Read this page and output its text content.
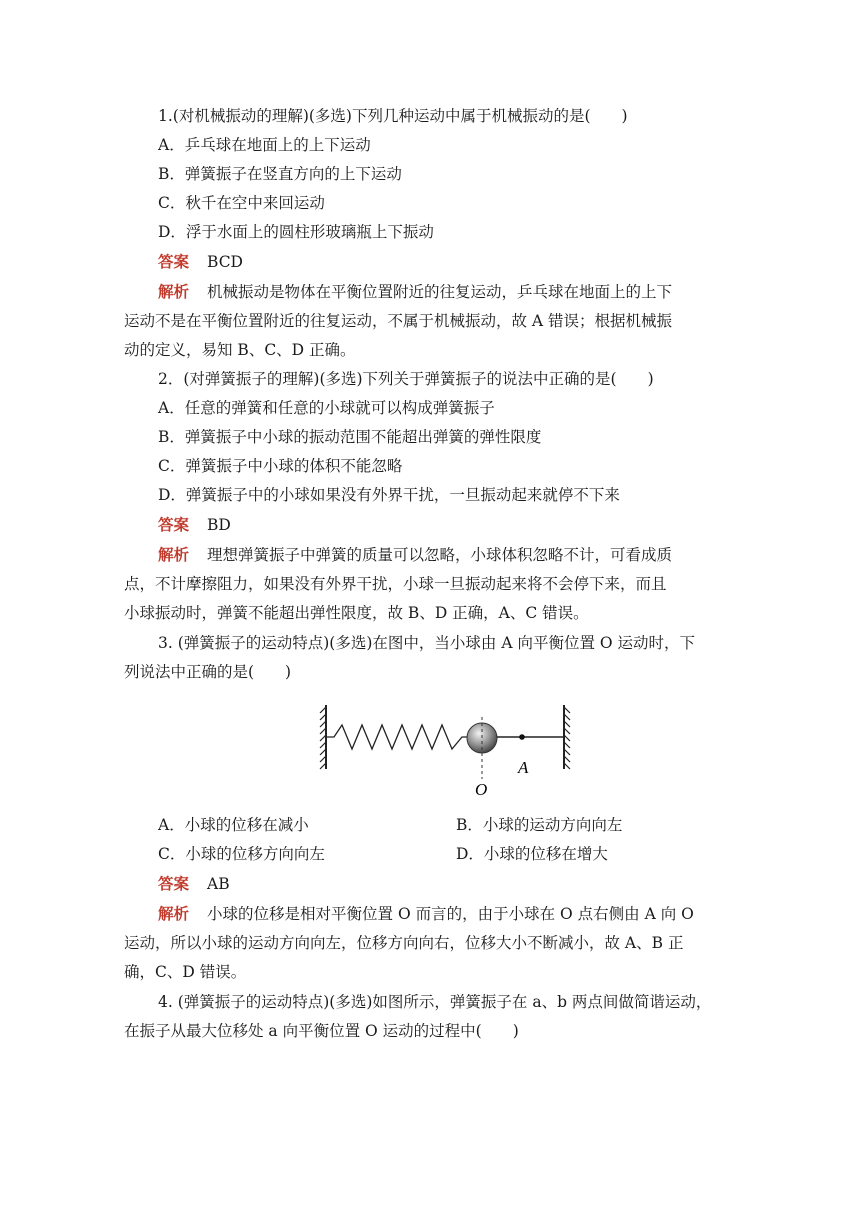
1.(对机械振动的理解)(多选)下列几种运动中属于机械振动的是(　　)
A．乒乓球在地面上的上下运动
B．弹簧振子在竖直方向的上下运动
C．秋千在空中来回运动
D．浮于水面上的圆柱形玻璃瓶上下振动
答案 BCD
解析 机械振动是物体在平衡位置附近的往复运动，乒乓球在地面上的上下
运动不是在平衡位置附近的往复运动，不属于机械振动，故 A 错误；根据机械振
动的定义，易知 B、C、D 正确。
2．(对弹簧振子的理解)(多选)下列关于弹簧振子的说法中正确的是(　　)
A．任意的弹簧和任意的小球就可以构成弹簧振子
B．弹簧振子中小球的振动范围不能超出弹簧的弹性限度
C．弹簧振子中小球的体积不能忽略
D．弹簧振子中的小球如果没有外界干扰，一旦振动起来就停不下来
答案 BD
解析 理想弹簧振子中弹簧的质量可以忽略，小球体积忽略不计，可看成质
点，不计摩擦阻力，如果没有外界干扰，小球一旦振动起来将不会停下来，而且
小球振动时，弹簧不能超出弹性限度，故 B、D 正确，A、C 错误。
3. (弹簧振子的运动特点)(多选)在图中，当小球由 A 向平衡位置 O 运动时，下
列说法中正确的是(　　)
A
O
A．小球的位移在减小	B．小球的运动方向向左
C．小球的位移方向向左	D．小球的位移在增大
答案 AB
解析 小球的位移是相对平衡位置 O 而言的，由于小球在 O 点右侧由 A 向 O
运动，所以小球的运动方向向左，位移方向向右，位移大小不断减小，故 A、B 正
确，C、D 错误。
4. (弹簧振子的运动特点)(多选)如图所示，弹簧振子在 a、b 两点间做简谐运动，
在振子从最大位移处 a 向平衡位置 O 运动的过程中(　　)
